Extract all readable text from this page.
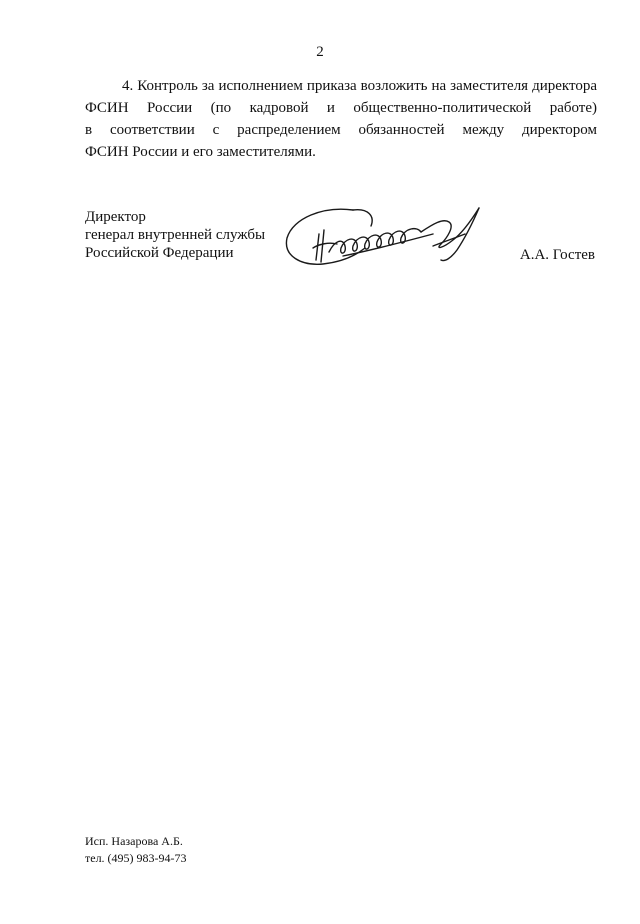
2
4. Контроль за исполнением приказа возложить на заместителя директора
ФСИН России (по кадровой и общественно-политической работе)
в соответствии с распределением обязанностей между директором
ФСИН России и его заместителями.
Директор
генерал внутренней службы
Российской Федерации	А.А. Гостев
Исп. Назарова А.Б.
тел. (495) 983-94-73
